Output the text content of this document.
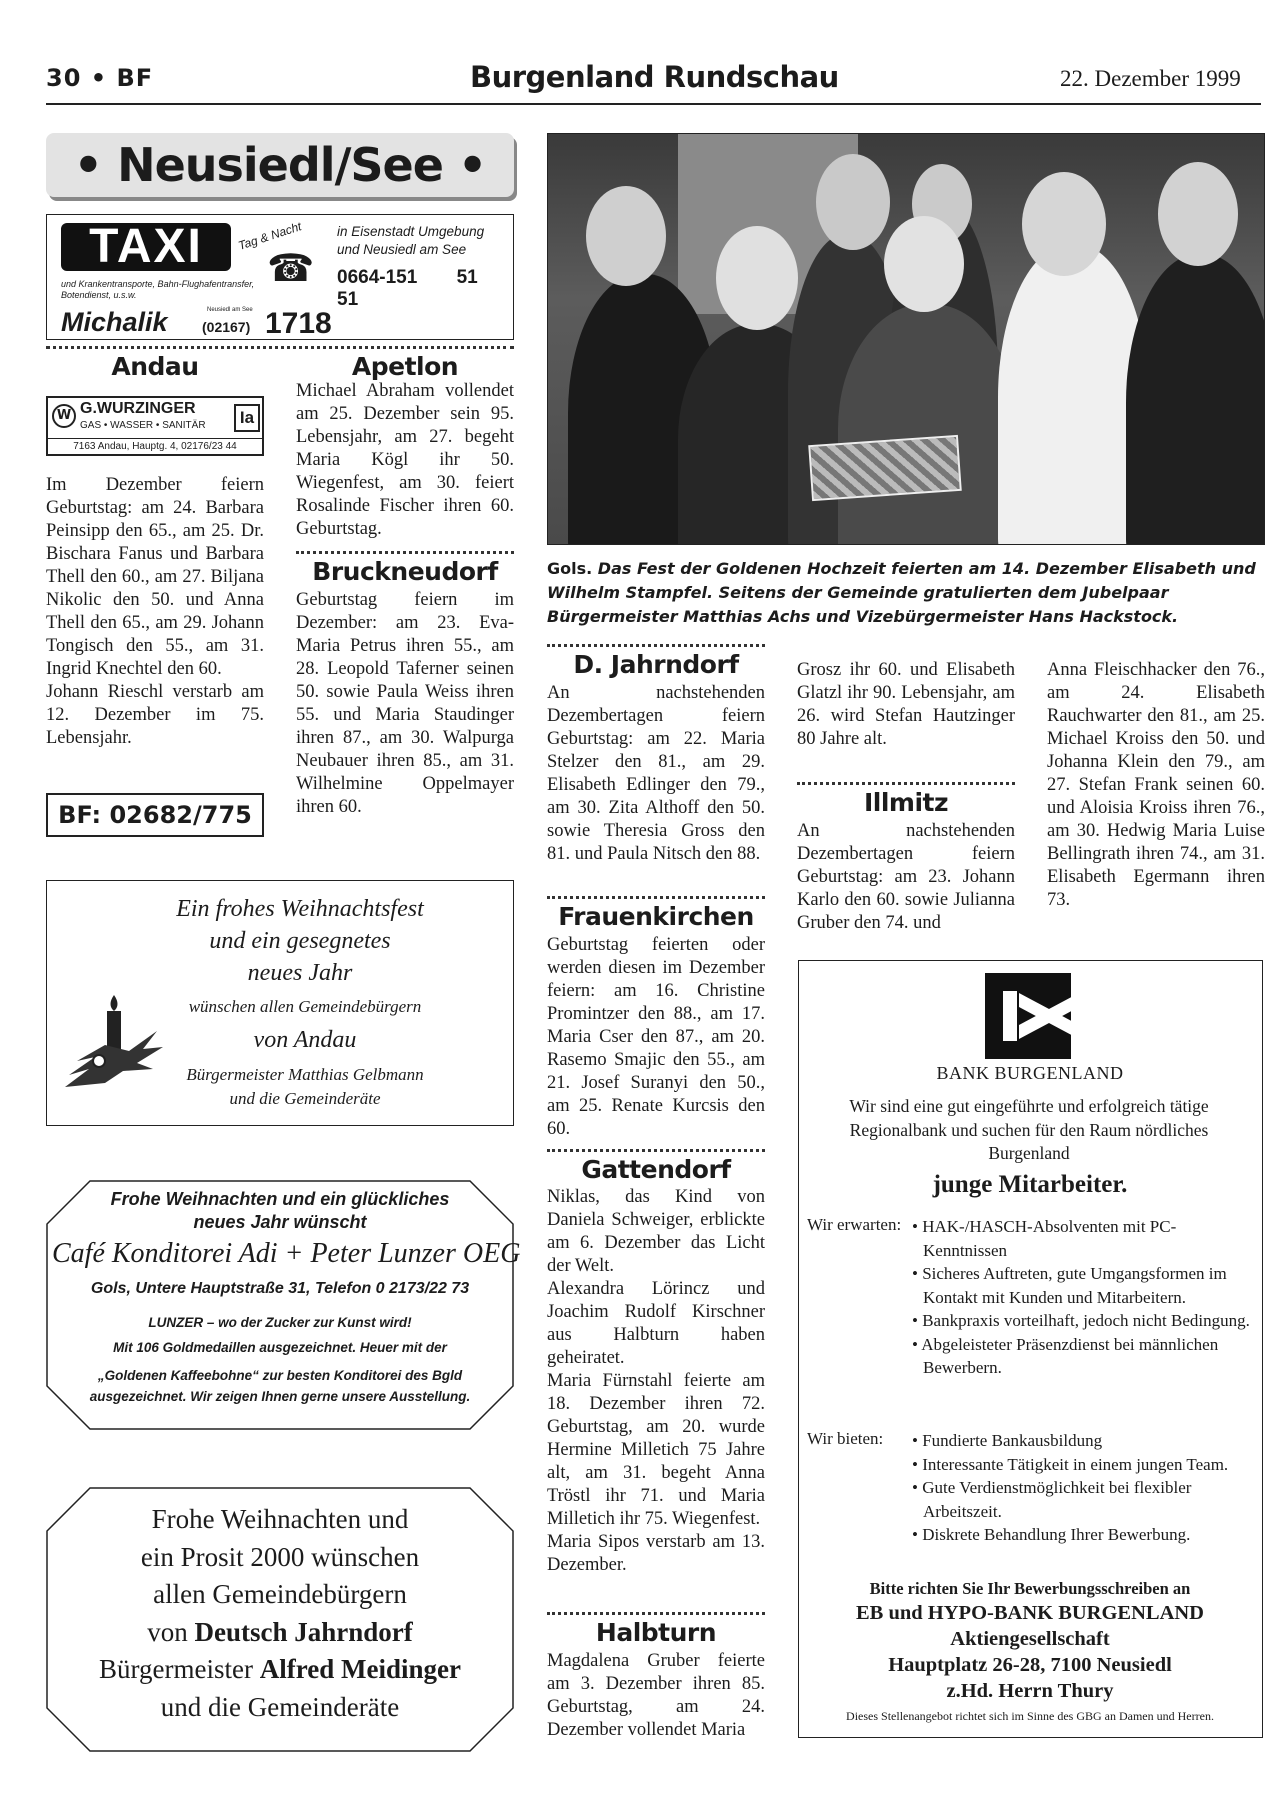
30 • BF	Burgenland Rundschau	22. Dezember 1999
• Neusiedl/See •
TAXI	Tag & Nacht
☎
und Krankentransporte, Bahn-Flughafentransfer, Botendienst, u.s.w.
in Eisenstadt Umgebung und Neusiedl am See
0664-151 51 51
Michalik	Neusiedl am See
(02167) 1718
Andau
W G.WURZINGER
GAS • WASSER • SANITÄR	Ia
7163 Andau, Hauptg. 4, 02176/23 44

Im Dezember feiern Geburtstag: am 24. Barbara Peinsipp den 65., am 25. Dr. Bischara Fanus und Barbara Thell den 60., am 27. Biljana Nikolic den 50. und Anna Thell den 65., am 29. Johann Tongisch den 55., am 31. Ingrid Knechtel den 60.

Johann Rieschl verstarb am 12. Dezember im 75. Lebensjahr.

BF: 02682/775
Apetlon
Michael Abraham vollendet am 25. Dezember sein 95. Lebensjahr, am 27. begeht Maria Kögl ihr 50. Wiegenfest, am 30. feiert Rosalinde Fischer ihren 60. Geburtstag.
Bruckneudorf
Geburtstag feiern im Dezember: am 23. Eva-Maria Petrus ihren 55., am 28. Leopold Taferner seinen 50. sowie Paula Weiss ihren 55. und Maria Staudinger ihren 87., am 30. Walpurga Neubauer ihren 85., am 31. Wilhelmine Oppelmayer ihren 60.
Gols. Das Fest der Goldenen Hochzeit feierten am 14. Dezember Elisabeth und Wilhelm Stampfel. Seitens der Gemeinde gratulierten dem Jubelpaar Bürgermeister Matthias Achs und Vizebürgermeister Hans Hackstock.
D. Jahrndorf
An nachstehenden Dezembertagen feiern Geburtstag: am 22. Maria Stelzer den 81., am 29. Elisabeth Edlinger den 79., am 30. Zita Althoff den 50. sowie Theresia Gross den 81. und Paula Nitsch den 88.
Frauenkirchen
Geburtstag feierten oder werden diesen im Dezember feiern: am 16. Christine Promintzer den 88., am 17. Maria Cser den 87., am 20. Rasemo Smajic den 55., am 21. Josef Suranyi den 50., am 25. Renate Kurcsis den 60.
Gattendorf

Niklas, das Kind von Daniela Schweiger, erblickte am 6. Dezember das Licht der Welt.

Alexandra Lörincz und Joachim Rudolf Kirschner aus Halbturn haben geheiratet.

Maria Fürnstahl feierte am 18. Dezember ihren 72. Geburtstag, am 20. wurde Hermine Milletich 75 Jahre alt, am 31. begeht Anna Tröstl ihr 71. und Maria Milletich ihr 75. Wiegenfest.

Maria Sipos verstarb am 13. Dezember.

Halbturn
Magdalena Gruber feierte am 3. Dezember ihren 85. Geburtstag, am 24. Dezember vollendet Maria
Grosz ihr 60. und Elisabeth Glatzl ihr 90. Lebensjahr, am 26. wird Stefan Hautzinger 80 Jahre alt.
Illmitz
An nachstehenden Dezembertagen feiern Geburtstag: am 23. Johann Karlo den 60. sowie Julianna Gruber den 74. und
Anna Fleischhacker den 76., am 24. Elisabeth Rauchwarter den 81., am 25. Michael Kroiss den 50. und Johanna Klein den 79., am 27. Stefan Frank seinen 60. und Aloisia Kroiss ihren 76., am 30. Hedwig Maria Luise Bellingrath ihren 74., am 31. Elisabeth Egermann ihren 73.
Ein frohes Weihnachtsfest
und ein gesegnetes
neues Jahr
wünschen allen Gemeindebürgern
von Andau
Bürgermeister Matthias Gelbmann
und die Gemeinderäte
Frohe Weihnachten und ein glückliches neues Jahr wünscht
Café Konditorei Adi + Peter Lunzer OEG
Gols, Untere Hauptstraße 31, Telefon 0 2173/22 73
LUNZER – wo der Zucker zur Kunst wird!
Mit 106 Goldmedaillen ausgezeichnet. Heuer mit der
„Goldenen Kaffeebohne“ zur besten Konditorei des Bgld ausgezeichnet. Wir zeigen Ihnen gerne unsere Ausstellung.
Frohe Weihnachten und
ein Prosit 2000 wünschen
allen Gemeindebürgern
von Deutsch Jahrndorf
Bürgermeister Alfred Meidinger
und die Gemeinderäte
BANK BURGENLAND
Wir sind eine gut eingeführte und erfolgreich tätige Regionalbank und suchen für den Raum nördliches Burgenland
junge Mitarbeiter.
Wir erwarten: • HAK-/HASCH-Absolventen mit PC-Kenntnissen
• Sicheres Auftreten, gute Umgangsformen im Kontakt mit Kunden und Mitarbeitern.
• Bankpraxis vorteilhaft, jedoch nicht Bedingung.
• Abgeleisteter Präsenzdienst bei männlichen Bewerbern.
Wir bieten: • Fundierte Bankausbildung
• Interessante Tätigkeit in einem jungen Team.
• Gute Verdienstmöglichkeit bei flexibler Arbeitszeit.
• Diskrete Behandlung Ihrer Bewerbung.
Bitte richten Sie Ihr Bewerbungsschreiben an
EB und HYPO-BANK BURGENLAND
Aktiengesellschaft
Hauptplatz 26-28, 7100 Neusiedl
z.Hd. Herrn Thury
Dieses Stellenangebot richtet sich im Sinne des GBG an Damen und Herren.
